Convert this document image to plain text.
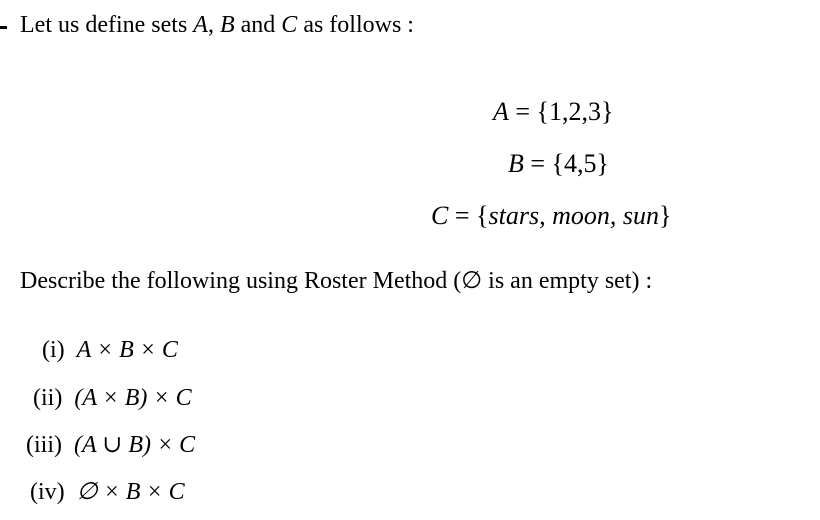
Let us define sets A, B and C as follows :
A = {1,2,3}
B = {4,5}
C = {stars, moon, sun}
Describe the following using Roster Method (∅ is an empty set) :
(i) A × B × C
(ii) (A × B) × C
(iii) (A ∪ B) × C
(iv) ∅ × B × C
